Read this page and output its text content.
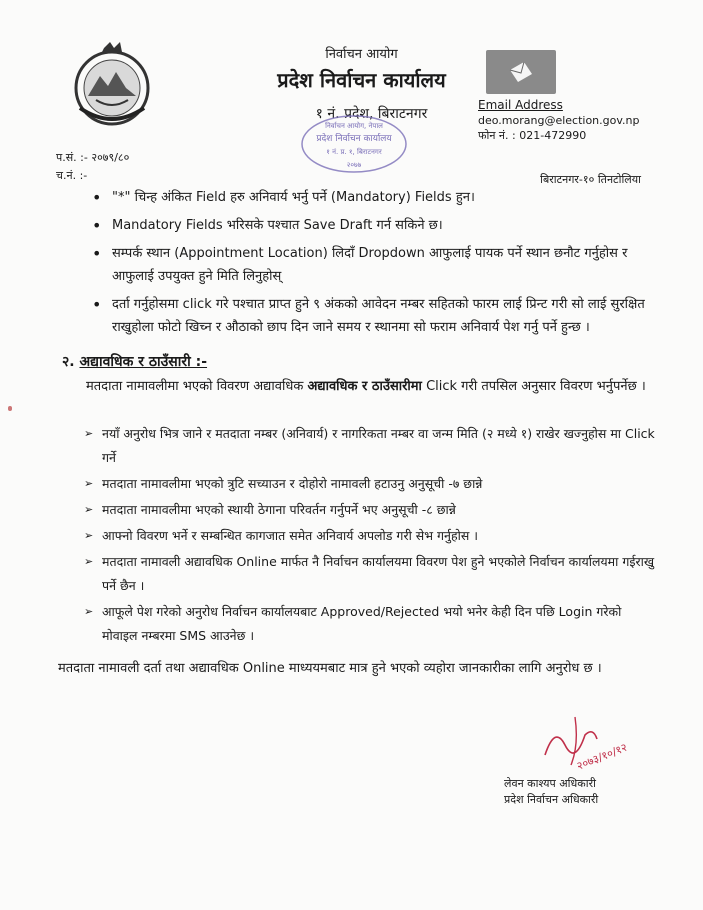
निर्वाचन आयोग
प्रदेश निर्वाचन कार्यालय
१ नं. प्रदेश, बिराटनगर
निर्वाचन आयोग, नेपाल
प्रदेश निर्वाचन कार्यालय
१ नं. प्र. १, बिराटनगर
२०७७
Email Address
deo.morang@election.gov.np
फोन नं. : 021-472990
प.सं. :- २०७९/८०
च.नं. :-	बिराटनगर-१० तिनटोलिया
• "*" चिन्ह अंकित Field हरु अनिवार्य भर्नु पर्ने (Mandatory) Fields हुन।
• Mandatory Fields भरिसके पश्चात Save Draft गर्न सकिने छ।
• सम्पर्क स्थान (Appointment Location) लिदाँ Dropdown आफुलाई पायक पर्ने स्थान छनौट गर्नुहोस र आफुलाई उपयुक्त हुने मिति लिनुहोस्
• दर्ता गर्नुहोसमा click गरे पश्चात प्राप्त हुने ९ अंकको आवेदन नम्बर सहितको फारम लाई प्रिन्ट गरी सो लाई सुरक्षित राखुहोला फोटो खिच्न र औठाको छाप दिन जाने समय र स्थानमा सो फराम अनिवार्य पेश गर्नु पर्ने हुन्छ ।
२. अद्यावधिक र ठाउँसारी :-
मतदाता नामावलीमा भएको विवरण अद्यावधिक अद्यावधिक र ठाउँसारीमा Click गरी तपसिल अनुसार विवरण भर्नुपर्नेछ ।
➢ नयाँ अनुरोध भित्र जाने र मतदाता नम्बर (अनिवार्य) र नागरिकता नम्बर वा जन्म मिति (२ मध्ये १) राखेर खज्नुहोस मा Click गर्ने
➢ मतदाता नामावलीमा भएको त्रुटि सच्याउन र दोहोरो नामावली हटाउनु अनुसूची -७ छान्ने
➢ मतदाता नामावलीमा भएको स्थायी ठेगाना परिवर्तन गर्नुपर्ने भए अनुसूची -८ छान्ने
➢ आफ्नो विवरण भर्ने र सम्बन्धित कागजात समेत अनिवार्य अपलोड गरी सेभ गर्नुहोस ।
➢ मतदाता नामावली अद्यावधिक Online मार्फत नै निर्वाचन कार्यालयमा विवरण पेश हुने भएकोले निर्वाचन कार्यालयमा गईराखु पर्ने छैन ।
➢ आफूले पेश गरेको अनुरोध निर्वाचन कार्यालयबाट Approved/Rejected भयो भनेर केही दिन पछि Login गरेको मोवाइल नम्बरमा SMS आउनेछ ।
मतदाता नामावली दर्ता तथा अद्यावधिक Online माध्ययमबाट मात्र हुने भएको व्यहोरा जानकारीका लागि अनुरोध छ ।
२०७३/१०/१२
लेवन काश्यप अधिकारी
प्रदेश निर्वाचन अधिकारी
